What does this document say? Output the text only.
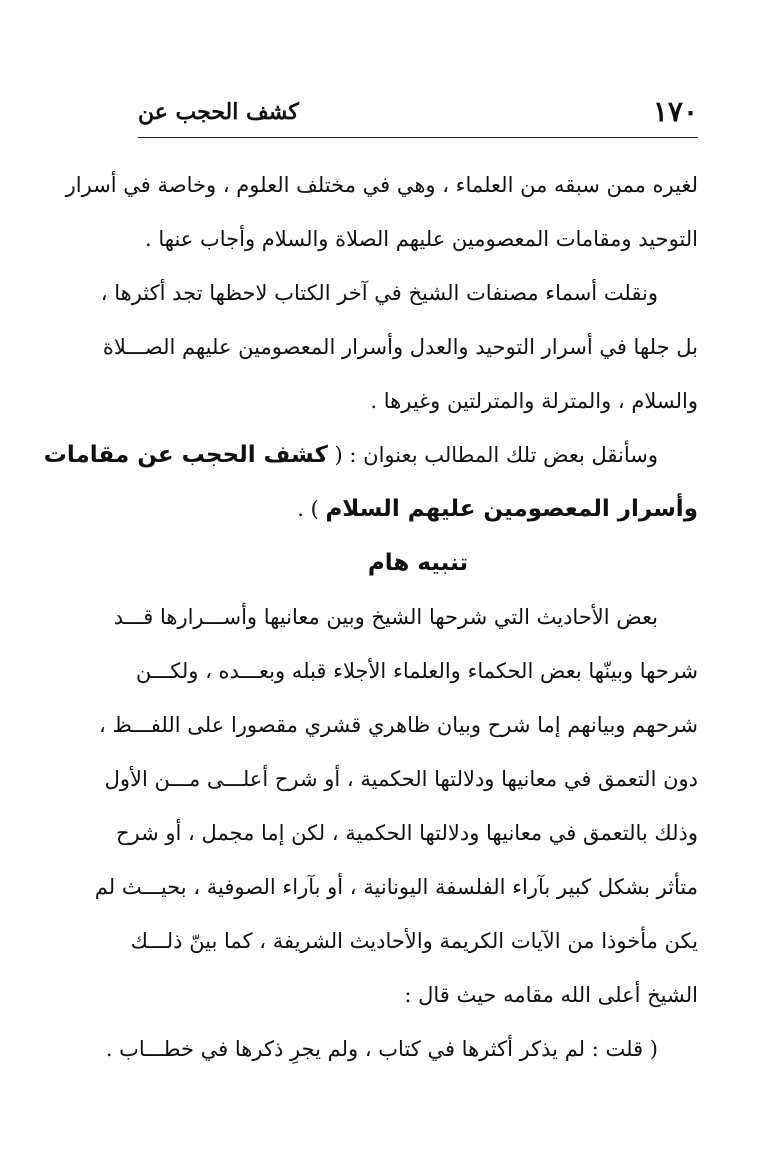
١٧٠
كشف الحجب عن
لغيره ممن سبقه من العلماء ، وهي في مختلف العلوم ، وخاصة في أسرار
التوحيد ومقامات المعصومين عليهم الصلاة والسلام وأجاب عنها .
ونقلت أسماء مصنفات الشيخ في آخر الكتاب لاحظها تجد أكثرها ،
بل جلها في أسرار التوحيد والعدل وأسرار المعصومين عليهم الصـــلاة
والسلام ، والمترلة والمترلتين وغيرها .
وسأنقل بعض تلك المطالب بعنوان : ( كشف الحجب عن مقامات
وأسرار المعصومين عليهم السلام ) .
تنبيه هام
بعض الأحاديث التي شرحها الشيخ وبين معانيها وأســـرارها قـــد
شرحها وبينّها بعض الحكماء والعلماء الأجلاء قبله وبعـــده ، ولكـــن
شرحهم وبيانهم إما شرح وبيان ظاهري قشري مقصورا على اللفـــظ ،
دون التعمق في معانيها ودلالتها الحكمية ، أو شرح أعلـــى مـــن الأول
وذلك بالتعمق في معانيها ودلالتها الحكمية ، لكن إما مجمل ، أو شرح
متأثر بشكل كبير بآراء الفلسفة اليونانية ، أو بآراء الصوفية ، بحيـــث لم
يكن مأخوذا من الآيات الكريمة والأحاديث الشريفة ، كما بينّ ذلـــك
الشيخ أعلى الله مقامه حيث قال :
( قلت : لم يذكر أكثرها في كتاب ، ولم يجرِ ذكرها في خطـــاب .
